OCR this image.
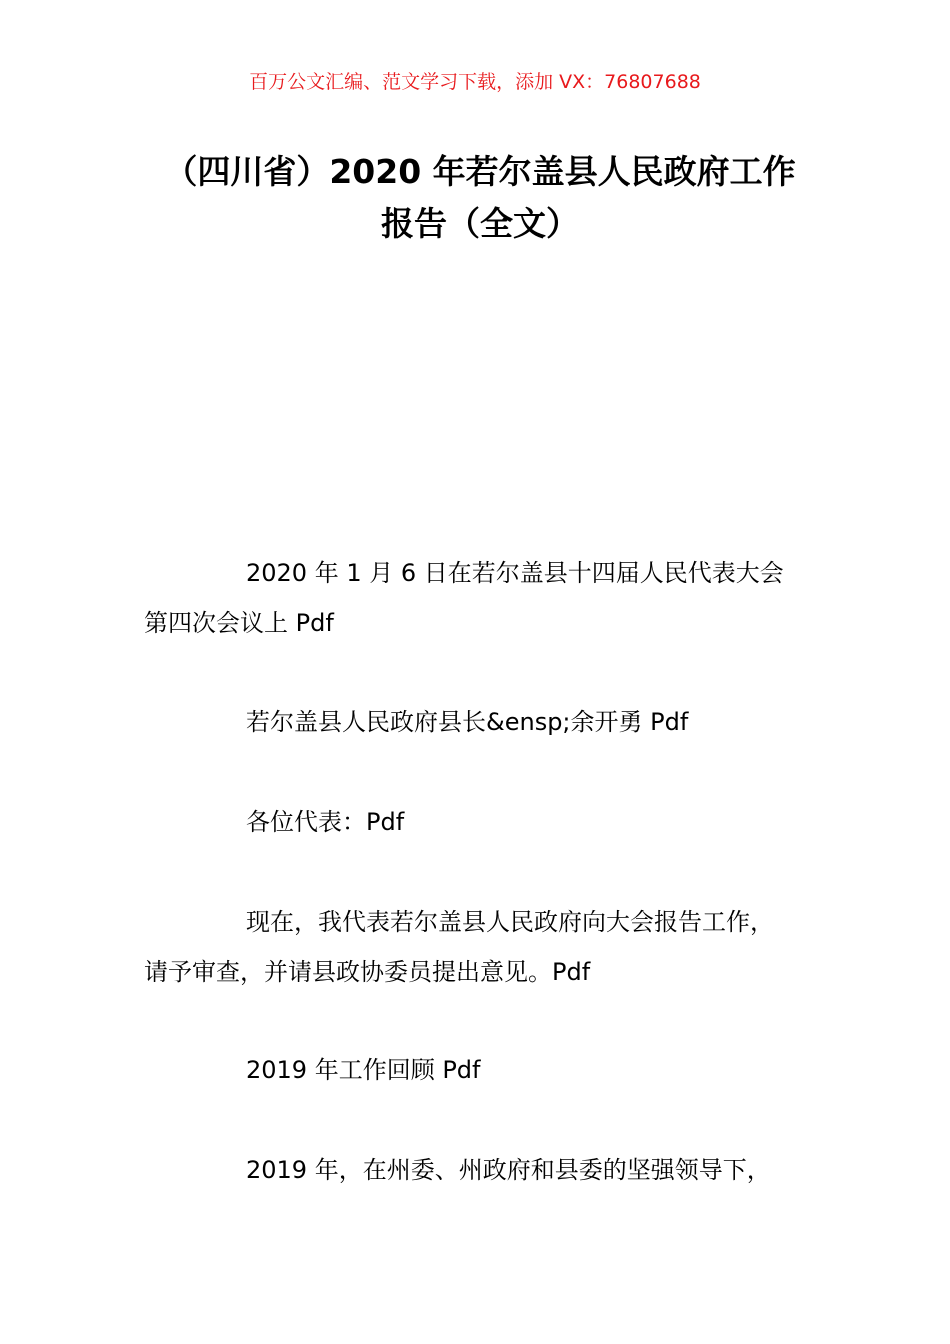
百万公文汇编、范文学习下载，添加 VX：76807688
（四川省）2020 年若尔盖县人民政府工作
报告（全文）
2020 年 1 月 6 日在若尔盖县十四届人民代表大会
第四次会议上 Pdf
若尔盖县人民政府县长&ensp;余开勇 Pdf
各位代表：Pdf
现在，我代表若尔盖县人民政府向大会报告工作，
请予审查，并请县政协委员提出意见。Pdf
2019 年工作回顾 Pdf
2019 年，在州委、州政府和县委的坚强领导下，
